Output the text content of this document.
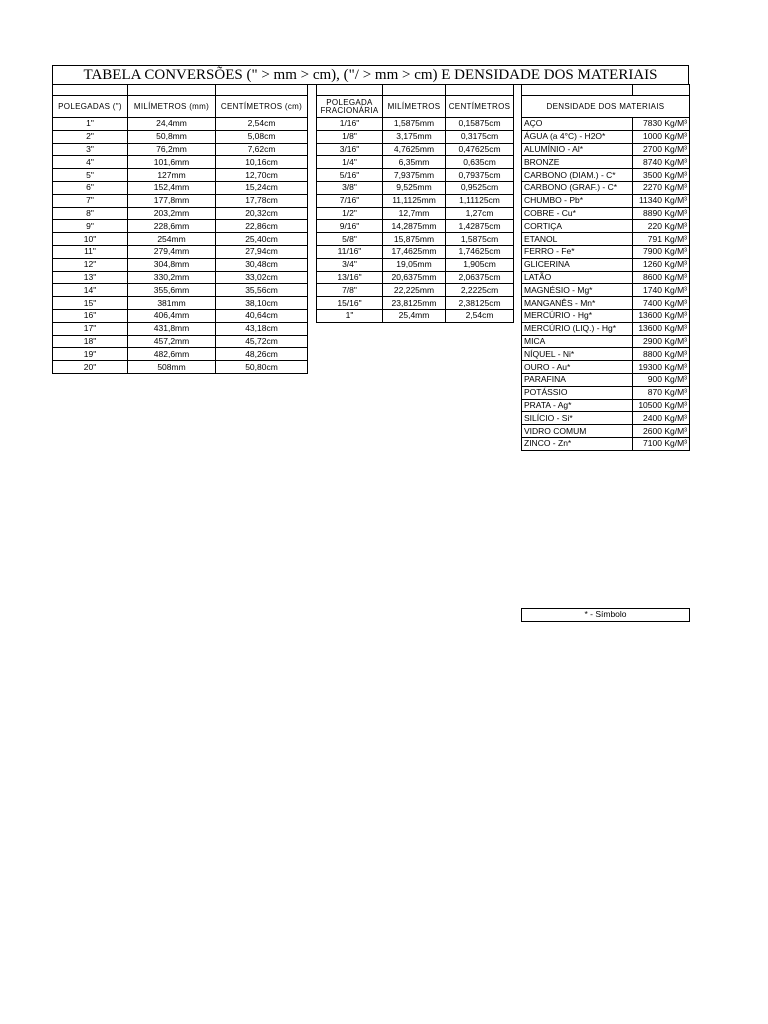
TABELA CONVERSÕES (" > mm > cm), ("/ > mm > cm) E DENSIDADE DOS MATERIAIS

POLEGADAS (")	MILÍMETROS (mm)	CENTÍMETROS (cm)
1"	24,4mm	2,54cm
2"	50,8mm	5,08cm
3"	76,2mm	7,62cm
4"	101,6mm	10,16cm
5"	127mm	12,70cm
6"	152,4mm	15,24cm
7"	177,8mm	17,78cm
8"	203,2mm	20,32cm
9"	228,6mm	22,86cm
10"	254mm	25,40cm
11"	279,4mm	27,94cm
12"	304,8mm	30,48cm
13"	330,2mm	33,02cm
14"	355,6mm	35,56cm
15"	381mm	38,10cm
16"	406,4mm	40,64cm
17"	431,8mm	43,18cm
18"	457,2mm	45,72cm
19"	482,6mm	48,26cm
20"	508mm	50,80cm

POLEGADA FRACIONÁRIA	MILÍMETROS	CENTÍMETROS
1/16"	1,5875mm	0,15875cm
1/8"	3,175mm	0,3175cm
3/16"	4,7625mm	0,47625cm
1/4"	6,35mm	0,635cm
5/16"	7,9375mm	0,79375cm
3/8"	9,525mm	0,9525cm
7/16"	11,1125mm	1,11125cm
1/2"	12,7mm	1,27cm
9/16"	14,2875mm	1,42875cm
5/8"	15,875mm	1,5875cm
11/16"	17,4625mm	1,74625cm
3/4"	19,05mm	1,905cm
13/16"	20,6375mm	2,06375cm
7/8"	22,225mm	2,2225cm
15/16"	23,8125mm	2,38125cm
1"	25,4mm	2,54cm

DENSIDADE DOS MATERIAIS	
AÇO	7830 Kg/M³
ÁGUA (a 4°C) - H2O*	1000 Kg/M³
ALUMÍNIO - Al*	2700 Kg/M³
BRONZE	8740 Kg/M³
CARBONO (DIAM.) - C*	3500 Kg/M³
CARBONO (GRAF.) - C*	2270 Kg/M³
CHUMBO - Pb*	11340 Kg/M³
COBRE - Cu*	8890 Kg/M³
CORTIÇA	220 Kg/M³
ETANOL	791 Kg/M³
FERRO - Fe*	7900 Kg/M³
GLICERINA	1260 Kg/M³
LATÃO	8600 Kg/M³
MAGNÉSIO - Mg*	1740 Kg/M³
MANGANÊS - Mn*	7400 Kg/M³
MERCÚRIO - Hg*	13600 Kg/M³
MERCÚRIO (LIQ.) - Hg*	13600 Kg/M³
MICA	2900 Kg/M³
NÍQUEL - Ni*	8800 Kg/M³
OURO - Au*	19300 Kg/M³
PARAFINA	900 Kg/M³
POTÁSSIO	870 Kg/M³
PRATA - Ag*	10500 Kg/M³
SILÍCIO - Si*	2400 Kg/M³
VIDRO COMUM	2600 Kg/M³
ZINCO - Zn*	7100 Kg/M³
* - Símbolo
